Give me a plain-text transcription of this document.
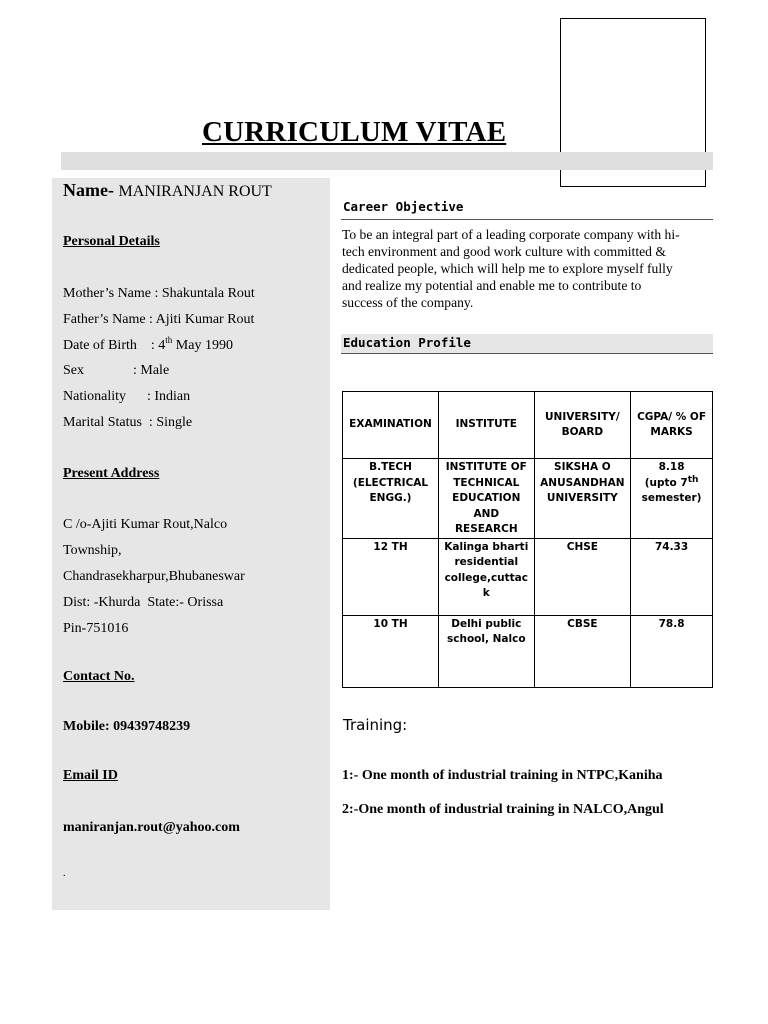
CURRICULUM VITAE
Name- MANIRANJAN ROUT
Personal Details
Mother’s Name : Shakuntala Rout
Father’s Name : Ajiti Kumar Rout
Date of Birth : 4th May 1990
Sex              : Male
Nationality      : Indian
Marital Status  : Single
Present Address
C /o-Ajiti Kumar Rout,Nalco
Township,
Chandrasekharpur,Bhubaneswar
Dist: -Khurda  State:- Orissa
Pin-751016
Contact No.
Mobile: 09439748239
Email ID
maniranjan.rout@yahoo.com
.
Career Objective
To be an integral part of a leading corporate company with hi-tech environment and good work culture with committed & dedicated people, which will help me to explore myself fully and realize my potential and enable me to contribute to success of the company.
Education Profile
EXAMINATION	INSTITUTE	UNIVERSITY/ BOARD	CGPA/ % OF MARKS
B.TECH (ELECTRICAL ENGG.)	INSTITUTE OF TECHNICAL EDUCATION AND RESEARCH	SIKSHA O ANUSANDHAN UNIVERSITY	8.18
(upto 7th
semester)

12 TH	Kalinga bharti residential college,cuttac k	CHSE	74.33
10 TH	Delhi public school, Nalco	CBSE	78.8
Training:
1:- One month of industrial training in NTPC,Kaniha
2:-One month of industrial training in NALCO,Angul
